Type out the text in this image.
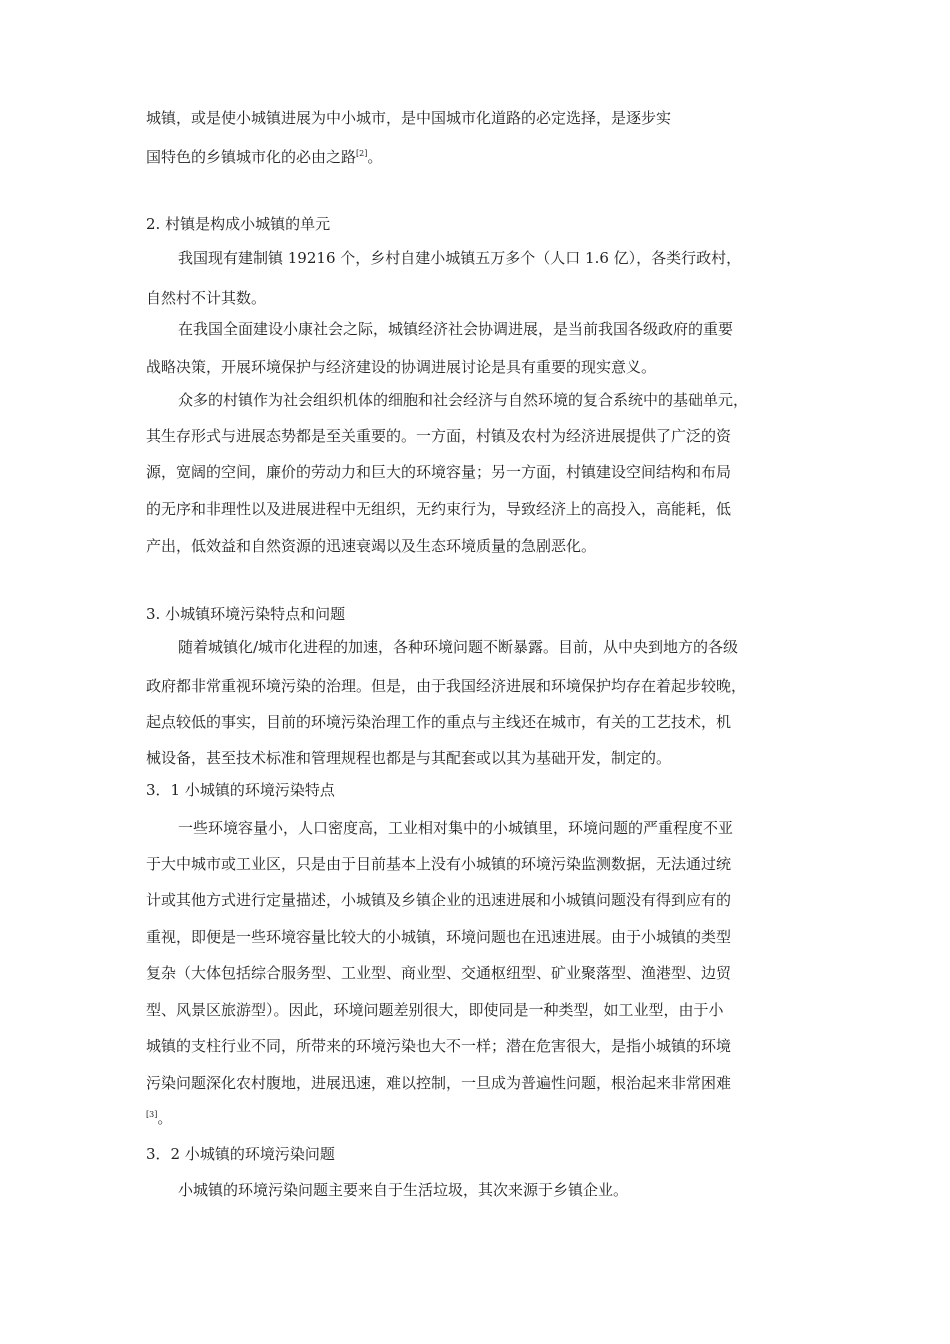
城镇，或是使小城镇进展为中小城市，是中国城市化道路的必定选择，是逐步实
国特色的乡镇城市化的必由之路[2]。
2. 村镇是构成小城镇的单元
我国现有建制镇 19216 个，乡村自建小城镇五万多个（人口 1.6 亿），各类行政村，
自然村不计其数。
在我国全面建设小康社会之际，城镇经济社会协调进展，是当前我国各级政府的重要
战略决策，开展环境保护与经济建设的协调进展讨论是具有重要的现实意义。
众多的村镇作为社会组织机体的细胞和社会经济与自然环境的复合系统中的基础单元，
其生存形式与进展态势都是至关重要的。一方面，村镇及农村为经济进展提供了广泛的资
源，宽阔的空间，廉价的劳动力和巨大的环境容量；另一方面，村镇建设空间结构和布局
的无序和非理性以及进展进程中无组织，无约束行为，导致经济上的高投入，高能耗，低
产出，低效益和自然资源的迅速衰竭以及生态环境质量的急剧恶化。
3. 小城镇环境污染特点和问题
随着城镇化/城市化进程的加速，各种环境问题不断暴露。目前，从中央到地方的各级
政府都非常重视环境污染的治理。但是，由于我国经济进展和环境保护均存在着起步较晚，
起点较低的事实，目前的环境污染治理工作的重点与主线还在城市，有关的工艺技术，机
械设备，甚至技术标准和管理规程也都是与其配套或以其为基础开发，制定的。
3．1 小城镇的环境污染特点
一些环境容量小，人口密度高，工业相对集中的小城镇里，环境问题的严重程度不亚
于大中城市或工业区，只是由于目前基本上没有小城镇的环境污染监测数据，无法通过统
计或其他方式进行定量描述，小城镇及乡镇企业的迅速进展和小城镇问题没有得到应有的
重视，即便是一些环境容量比较大的小城镇，环境问题也在迅速进展。由于小城镇的类型
复杂（大体包括综合服务型、工业型、商业型、交通枢纽型、矿业聚落型、渔港型、边贸
型、风景区旅游型）。因此，环境问题差别很大，即使同是一种类型，如工业型，由于小
城镇的支柱行业不同，所带来的环境污染也大不一样；潜在危害很大，是指小城镇的环境
污染问题深化农村腹地，进展迅速，难以控制，一旦成为普遍性问题，根治起来非常困难
[3]。
3．2 小城镇的环境污染问题
小城镇的环境污染问题主要来自于生活垃圾，其次来源于乡镇企业。
